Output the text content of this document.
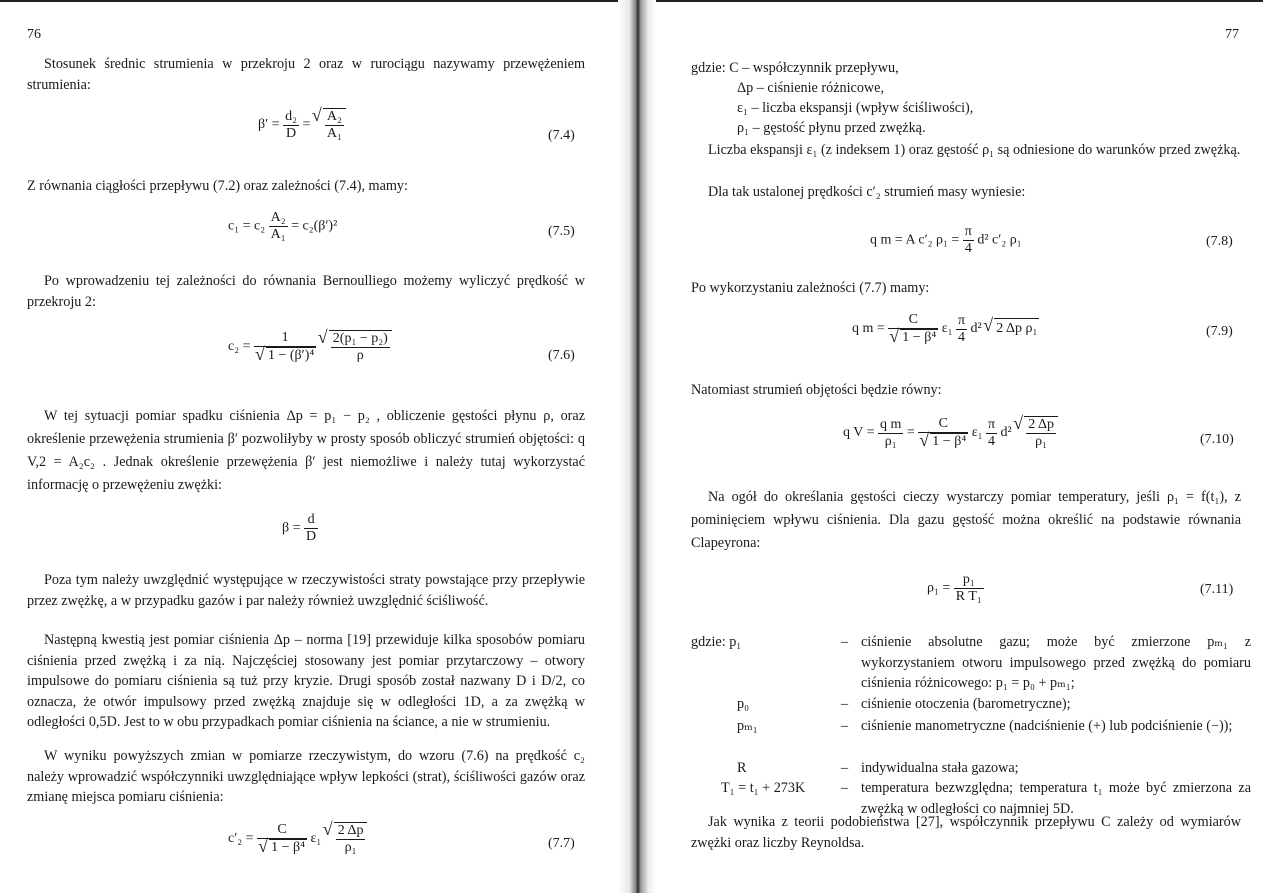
76

Stosunek średnic strumienia w przekroju 2 oraz w rurociągu nazywamy przewężeniem strumienia:

$\beta' = \frac{\text{d₂}}{D}$ = √ $\frac{\text{A₂}}{\text{A₁}}$	(7.4)

Z równania ciągłości przepływu (7.2) oraz zależności (7.4), mamy:

$c_1 = c_2 \frac{\text{A₂}}{\text{A₁}} = c_2(\beta')^2$	(7.5)

Po wprowadzeniu tej zależności do równania Bernoulliego możemy wyliczyć prędkość w przekroju 2:

c₂ = 1
√ 1 − (β′)⁴
√ $\frac{\text{2(p₁ − p₂)}}{\rho}$	(7.6)

W tej sytuacji pomiar spadku ciśnienia Δp = p₁ − p₂ , obliczenie gęstości płynu ρ, oraz określenie przewężenia strumienia β′ pozwoliłyby w prosty sposób obliczyć strumień objętości: q V,2 = A₂c₂ . Jednak określenie przewężenia β′ jest niemożliwe i należy tutaj wykorzystać informację o przewężeniu zwężki:

$\beta = \frac{d}{D}$

Poza tym należy uwzględnić występujące w rzeczywistości straty powstające przy przepływie przez zwężkę, a w przypadku gazów i par należy również uwzględnić ściśliwość.

Następną kwestią jest pomiar ciśnienia Δp – norma [19] przewiduje kilka sposobów pomiaru ciśnienia przed zwężką i za nią. Najczęściej stosowany jest pomiar przytarczowy – otwory impulsowe do pomiaru ciśnienia są tuż przy kryzie. Drugi sposób został nazwany D i D/2, co oznacza, że otwór impulsowy przed zwężką znajduje się w odległości 1D, a za zwężką w odległości 0,5D. Jest to w obu przypadkach pomiar ciśnienia na ściance, a nie w strumieniu.

W wyniku powyższych zmian w pomiarze rzeczywistym, do wzoru (7.6) na prędkość c₂ należy wprowadzić współczynniki uwzględniające wpływ lepkości (strat), ściśliwości gazów oraz zmianę miejsca pomiaru ciśnienia:

c′₂ = C
√ 1 − β⁴ ε₁ √ $\frac{2 \Delta p}{\text{ρ₁}}$	(7.7)
77
gdzie: C – współczynnik przepływu,
Δp – ciśnienie różnicowe,
ε₁ – liczba ekspansji (wpływ ściśliwości),
ρ₁ – gęstość płynu przed zwężką.

Liczba ekspansji ε₁ (z indeksem 1) oraz gęstość ρ₁ są odniesione do warunków przed zwężką.

Dla tak ustalonej prędkości c′₂ strumień masy wyniesie:

q m = A c′₂ $\rho_1 = \frac{\pi}{4} d^2$ c′₂ ρ₁	(7.8)

Po wykorzystaniu zależności (7.7) mamy:

q m = C
√ 1 − β⁴ $\varepsilon_1 \frac{\pi}{4} d^2$ √ 2 Δp ρ₁	(7.9)

Natomiast strumień objętości będzie równy:

q $V = \frac{\text{q m}}{\text{ρ₁}} = C$
√ 1 − β⁴ $\varepsilon_1 \frac{\pi}{4} d^2$ √ $\frac{2 \Delta p}{\text{ρ₁}}$	(7.10)

Na ogół do określania gęstości cieczy wystarczy pomiar temperatury, jeśli ρ₁ = f(t₁), z pominięciem wpływu ciśnienia. Dla gazu gęstość można określić na podstawie równania Clapeyrona:

$\rho_1 = \frac{\text{p₁}}{\text{R T₁}}$	(7.11)
gdzie: p₁	– ciśnienie absolutne gazu; może być zmierzone pₘ₁ z wykorzystaniem otworu impulsowego przed zwężką do pomiaru ciśnienia różnicowego: p₁ = p₀ + pₘ₁;
p₀	– ciśnienie otoczenia (barometryczne);
pₘ₁	– ciśnienie manometryczne (nadciśnienie (+) lub podciśnienie (−));
R	– indywidualna stała gazowa;
T₁ = t₁ + 273K	– temperatura bezwzględna; temperatura t₁ może być zmierzona za zwężką w odległości co najmniej 5D.

Jak wynika z teorii podobieństwa [27], współczynnik przepływu C zależy od wymiarów zwężki oraz liczby Reynoldsa.
